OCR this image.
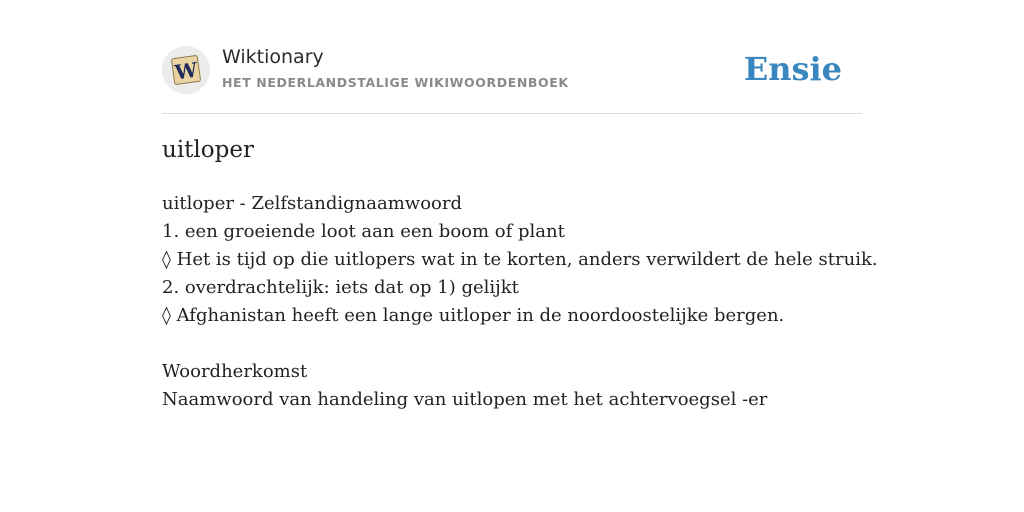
W
Wiktionary
HET NEDERLANDSTALIGE WIKIWOORDENBOEK	Ensie
uitloper
uitloper - Zelfstandignaamwoord
1. een groeiende loot aan een boom of plant
◊ Het is tijd op die uitlopers wat in te korten, anders verwildert de hele struik.
2. overdrachtelijk: iets dat op 1) gelijkt
◊ Afghanistan heeft een lange uitloper in de noordoostelijke bergen.
Woordherkomst
Naamwoord van handeling van uitlopen met het achtervoegsel -er
